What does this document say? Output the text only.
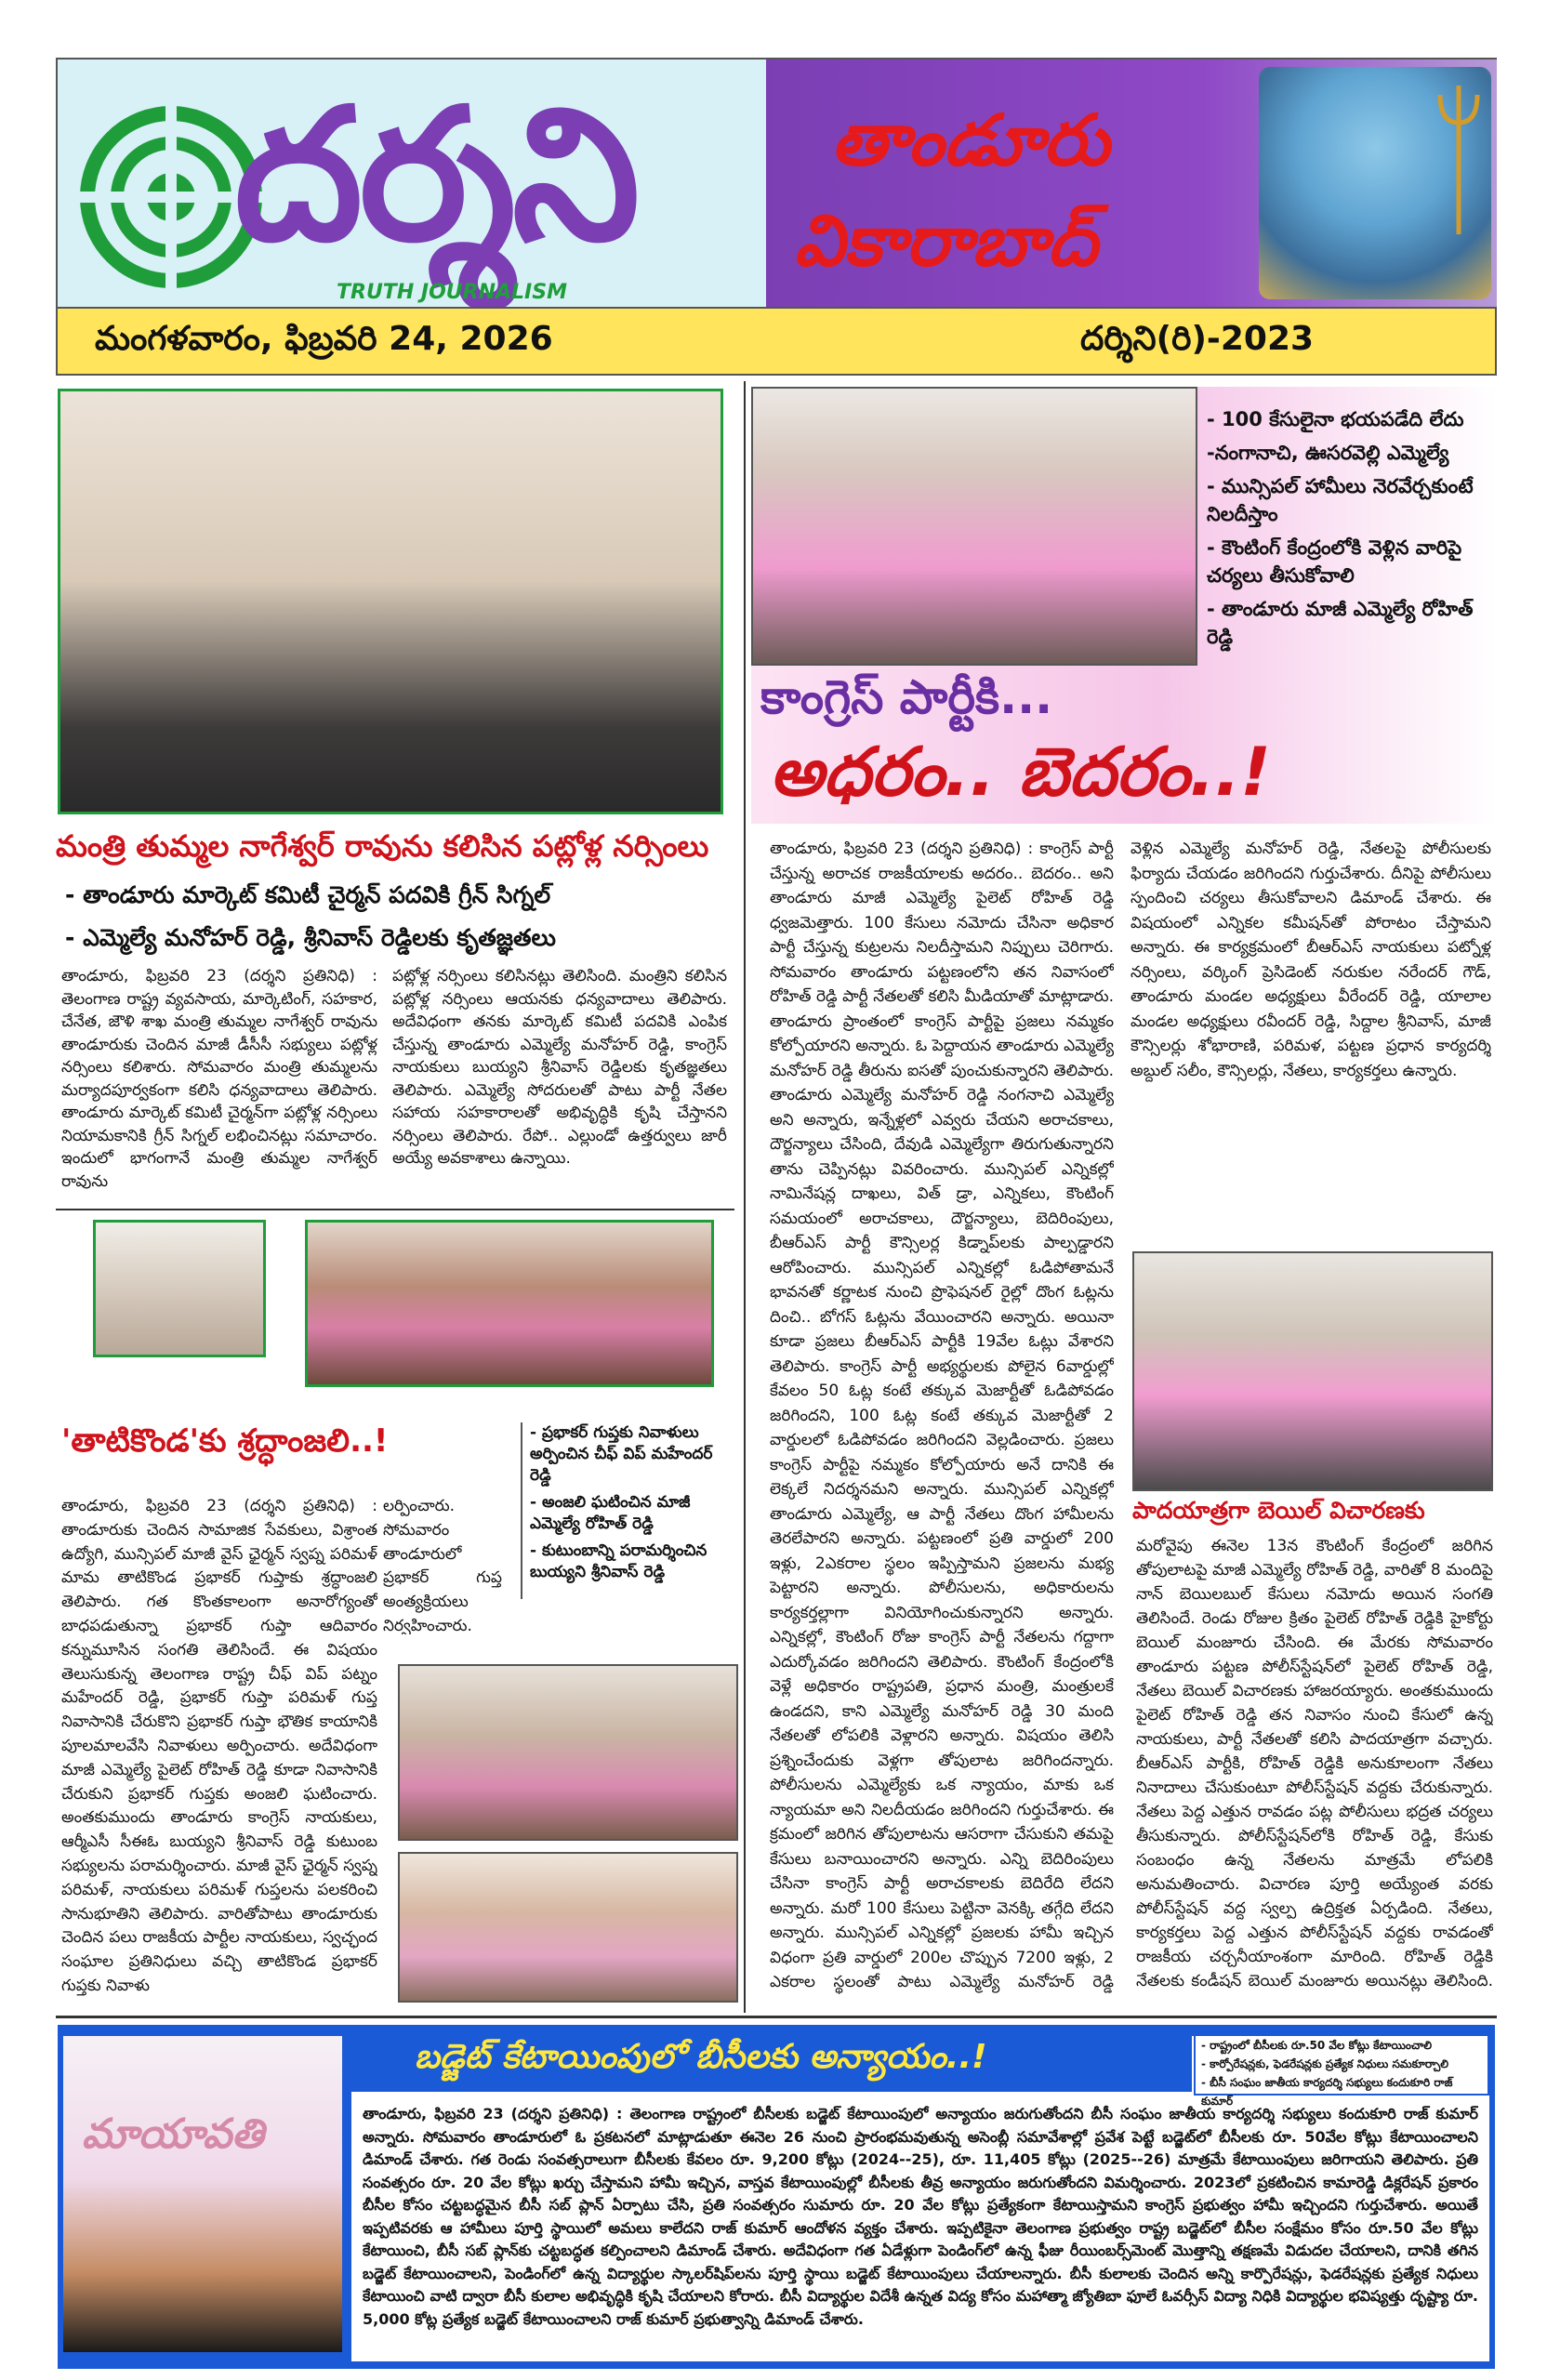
దర్శని
TRUTH JOURNALISM
తాండూరు
వికారాబాద్
మంగళవారం, ఫిబ్రవరి 24, 2026	దర్శిని(రి)-2023
మంత్రి తుమ్మల నాగేశ్వర్ రావును కలిసిన పట్లోళ్ల నర్సింలు
- తాండూరు మార్కెట్ కమిటీ చైర్మన్ పదవికి గ్రీన్ సిగ్నల్
- ఎమ్మెల్యే మనోహర్ రెడ్డి, శ్రీనివాస్ రెడ్డిలకు కృతజ్ఞతలు
తాండూరు, ఫిబ్రవరి 23 (దర్శని ప్రతినిధి) : తెలంగాణ రాష్ట్ర వ్యవసాయ, మార్కెటింగ్, సహకార, చేనేత, జౌళి శాఖ మంత్రి తుమ్మల నాగేశ్వర్ రావును తాండూరుకు చెందిన మాజీ డీసీసీ సభ్యులు పట్లోళ్ల నర్సింలు కలిశారు. సోమవారం మంత్రి తుమ్మలను మర్యాదపూర్వకంగా కలిసి ధన్యవాదాలు తెలిపారు. తాండూరు మార్కెట్ కమిటీ చైర్మన్‌గా పట్లోళ్ల నర్సింలు నియామకానికి గ్రీన్ సిగ్నల్ లభించినట్లు సమాచారం. ఇందులో భాగంగానే మంత్రి తుమ్మల నాగేశ్వర్ రావును
పట్లోళ్ల నర్సింలు కలిసినట్లు తెలిసింది. మంత్రిని కలిసిన పట్లోళ్ల నర్సింలు ఆయనకు ధన్యవాదాలు తెలిపారు. అదేవిధంగా తనకు మార్కెట్ కమిటీ పదవికి ఎంపిక చేస్తున్న తాండూరు ఎమ్మెల్యే మనోహర్ రెడ్డి, కాంగ్రెస్ నాయకులు బుయ్యని శ్రీనివాస్ రెడ్డిలకు కృతజ్ఞతలు తెలిపారు. ఎమ్మెల్యే సోదరులతో పాటు పార్టీ నేతల సహాయ సహకారాలతో అభివృద్ధికి కృషి చేస్తానని నర్సింలు తెలిపారు. రేపో.. ఎల్లుండో ఉత్తర్వులు జారీ అయ్యే అవకాశాలు ఉన్నాయి.
- 100 కేసులైనా భయపడేది లేదు
-నంగానాచి, ఊసరవెల్లి ఎమ్మెల్యే
- మున్సిపల్ హామీలు నెరవేర్చకుంటే నిలదీస్తాం
- కౌంటింగ్ కేంద్రంలోకి వెళ్లిన వారిపై చర్యలు తీసుకోవాలి
- తాండూరు మాజీ ఎమ్మెల్యే రోహిత్ రెడ్డి
కాంగ్రెస్ పార్టీకి...
అధరం.. బెదరం..!
తాండూరు, ఫిబ్రవరి 23 (దర్శని ప్రతినిధి) : కాంగ్రెస్ పార్టీ చేస్తున్న అరాచక రాజకీయాలకు అదరం.. బెదరం.. అని తాండూరు మాజీ ఎమ్మెల్యే పైలెట్ రోహిత్ రెడ్డి ధ్వజమెత్తారు. 100 కేసులు నమోదు చేసినా అధికార పార్టీ చేస్తున్న కుట్రలను నిలదీస్తామని నిప్పులు చెరిగారు. సోమవారం తాండూరు పట్టణంలోని తన నివాసంలో రోహిత్ రెడ్డి పార్టీ నేతలతో కలిసి మీడియాతో మాట్లాడారు. తాండూరు ప్రాంతంలో కాంగ్రెస్ పార్టీపై ప్రజలు నమ్మకం కోల్పోయారని అన్నారు. ఓ పెద్దాయన తాండూరు ఎమ్మెల్యే మనోహర్ రెడ్డి తీరును ఐసతో పుంచుకున్నారని తెలిపారు. తాండూరు ఎమ్మెల్యే మనోహర్ రెడ్డి నంగనాచి ఎమ్మెల్యే అని అన్నారు, ఇన్నేళ్లలో ఎవ్వరు చేయని అరాచకాలు, దౌర్జన్యాలు చేసింది, దేవుడి ఎమ్మెల్యేగా తిరుగుతున్నారని తాను చెప్పినట్లు వివరించారు. మున్సిపల్ ఎన్నికల్లో నామినేషన్ల దాఖలు, విత్ డ్రా, ఎన్నికలు, కౌంటింగ్ సమయంలో అరాచకాలు, దౌర్జన్యాలు, బెదిరింపులు, బీఆర్ఎస్ పార్టీ కౌన్సిలర్ల కిడ్నాప్‌లకు పాల్పడ్డారని ఆరోపించారు. మున్సిపల్ ఎన్నికల్లో ఓడిపోతామనే భావనతో కర్ణాటక నుంచి ప్రొఫెషనల్ రైల్లో దొంగ ఓట్లను దించి.. బోగస్ ఓట్లను వేయించారని అన్నారు. అయినా కూడా ప్రజలు బీఆర్ఎస్ పార్టీకి 19వేల ఓట్లు వేశారని తెలిపారు. కాంగ్రెస్ పార్టీ అభ్యర్థులకు పోలైన 6వార్డుల్లో కేవలం 50 ఓట్ల కంటే తక్కువ మెజార్టీతో ఓడిపోవడం జరిగిందని, 100 ఓట్ల కంటే తక్కువ మెజార్టీతో 2 వార్డులలో ఓడిపోవడం జరిగిందని వెల్లడించారు. ప్రజలు కాంగ్రెస్ పార్టీపై నమ్మకం కోల్పోయారు అనే దానికి ఈ లెక్కలే నిదర్శనమని అన్నారు. మున్సిపల్ ఎన్నికల్లో తాండూరు ఎమ్మెల్యే, ఆ పార్టీ నేతలు దొంగ హామీలను తెరలేపారని అన్నారు. పట్టణంలో ప్రతి వార్డులో 200 ఇళ్లు, 2ఎకరాల స్థలం ఇప్పిస్తామని ప్రజలను మభ్య పెట్టారని అన్నారు. పోలీసులను, అధికారులను కార్యకర్తల్లాగా వినియోగించుకున్నారని అన్నారు. ఎన్నికల్లో, కౌంటింగ్ రోజు కాంగ్రెస్ పార్టీ నేతలను గద్దాగా ఎదుర్కోవడం జరిగిందని తెలిపారు. కౌంటింగ్ కేంద్రంలోకి వెళ్లే అధికారం రాష్ట్రపతి, ప్రధాన మంత్రి, మంత్రులకే ఉండదని, కాని ఎమ్మెల్యే మనోహర్ రెడ్డి 30 మంది నేతలతో లోపలికి వెళ్లారని అన్నారు. విషయం తెలిసి ప్రశ్నించేందుకు వెళ్లగా తోపులాట జరిగిందన్నారు. పోలీసులను ఎమ్మెల్యేకు ఒక న్యాయం, మాకు ఒక న్యాయమా అని నిలదీయడం జరిగిందని గుర్తుచేశారు. ఈ క్రమంలో జరిగిన తోపులాటను ఆసరాగా చేసుకుని తమపై కేసులు బనాయించారని అన్నారు. ఎన్ని బెదిరింపులు చేసినా కాంగ్రెస్ పార్టీ అరాచకాలకు బెదిరేది లేదని అన్నారు. మరో 100 కేసులు పెట్టినా వెనక్కి తగ్గేది లేదని అన్నారు. మున్సిపల్ ఎన్నికల్లో ప్రజలకు హామీ ఇచ్చిన విధంగా ప్రతి వార్డులో 200ల చొప్పున 7200 ఇళ్లు, 2 ఎకరాల స్థలంతో పాటు ఎమ్మెల్యే మనోహర్ రెడ్డి
వెళ్లిన ఎమ్మెల్యే మనోహర్ రెడ్డి, నేతలపై పోలీసులకు ఫిర్యాదు చేయడం జరిగిందని గుర్తుచేశారు. దీనిపై పోలీసులు స్పందించి చర్యలు తీసుకోవాలని డిమాండ్ చేశారు. ఈ విషయంలో ఎన్నికల కమీషన్‌తో పోరాటం చేస్తామని అన్నారు. ఈ కార్యక్రమంలో బీఆర్ఎస్ నాయకులు పట్నోళ్ల నర్సింలు, వర్కింగ్ ప్రెసిడెంట్ నరుకుల నరేందర్ గౌడ్, తాండూరు మండల అధ్యక్షులు వీరేందర్ రెడ్డి, యాలాల మండల అధ్యక్షులు రవీందర్ రెడ్డి, సిద్దాల శ్రీనివాస్, మాజీ కౌన్సిలర్లు శోభారాణి, పరిమళ, పట్టణ ప్రధాన కార్యదర్శి అబ్దుల్ సలీం, కౌన్సిలర్లు, నేతలు, కార్యకర్తలు ఉన్నారు.
పాదయాత్రగా బెయిల్ విచారణకు
మరోవైపు ఈనెల 13న కౌంటింగ్ కేంద్రంలో జరిగిన తోపులాటపై మాజీ ఎమ్మెల్యే రోహిత్ రెడ్డి, వారితో 8 మందిపై నాన్ బెయిలబుల్ కేసులు నమోదు అయిన సంగతి తెలిసిందే. రెండు రోజుల క్రితం పైలెట్ రోహిత్ రెడ్డికి హైకోర్టు బెయిల్ మంజూరు చేసింది. ఈ మేరకు సోమవారం తాండూరు పట్టణ పోలీస్‌స్టేషన్‌లో పైలెట్ రోహిత్ రెడ్డి, నేతలు బెయిల్ విచారణకు హాజరయ్యారు. అంతకుముందు పైలెట్ రోహిత్ రెడ్డి తన నివాసం నుంచి కేసులో ఉన్న నాయకులు, పార్టీ నేతలతో కలిసి పాదయాత్రగా వచ్చారు. బీఆర్ఎస్ పార్టీకి, రోహిత్ రెడ్డికి అనుకూలంగా నేతలు నినాదాలు చేసుకుంటూ పోలీస్‌స్టేషన్ వద్దకు చేరుకున్నారు. నేతలు పెద్ద ఎత్తున రావడం పట్ల పోలీసులు భద్రత చర్యలు తీసుకున్నారు. పోలీస్‌స్టేషన్‌లోకి రోహిత్ రెడ్డి, కేసుకు సంబంధం ఉన్న నేతలను మాత్రమే లోపలికి అనుమతించారు. విచారణ పూర్తి అయ్యేంత వరకు పోలీస్‌స్టేషన్ వద్ద స్వల్ప ఉద్రిక్తత ఏర్పడింది. నేతలు, కార్యకర్తలు పెద్ద ఎత్తున పోలీస్‌స్టేషన్ వద్దకు రావడంతో రాజకీయ చర్చనీయాంశంగా మారింది. రోహిత్ రెడ్డికి నేతలకు కండీషన్ బెయిల్ మంజూరు అయినట్లు తెలిసింది.
'తాటికొండ'కు శ్రద్ధాంజలి..!	- ప్రభాకర్ గుప్తకు నివాళులు అర్పించిన చీఫ్ విప్ మహేందర్ రెడ్డి
- అంజలి ఘటించిన మాజీ ఎమ్మెల్యే రోహిత్ రెడ్డి
- కుటుంబాన్ని పరామర్శించిన బుయ్యని శ్రీనివాస్ రెడ్డి
తాండూరు, ఫిబ్రవరి 23 (దర్శని ప్రతినిధి) : తాండూరుకు చెందిన సామాజిక సేవకులు, విశ్రాంత ఉద్యోగి, మున్సిపల్ మాజీ వైస్ ఛైర్మన్ స్వప్న పరిమళ్ మామ తాటికొండ ప్రభాకర్ గుప్తాకు శ్రద్ధాంజలి తెలిపారు. గత కొంతకాలంగా అనారోగ్యంతో బాధపడుతున్నా ప్రభాకర్ గుప్తా ఆదివారం కన్నుమూసిన సంగతి తెలిసిందే. ఈ విషయం తెలుసుకున్న తెలంగాణ రాష్ట్ర చీఫ్ విప్ పట్నం మహేందర్ రెడ్డి, ప్రభాకర్ గుప్తా పరిమళ్ గుప్త నివాసానికి చేరుకొని ప్రభాకర్ గుప్తా భౌతిక కాయానికి పూలమాలవేసి నివాళులు అర్పించారు. అదేవిధంగా మాజీ ఎమ్మెల్యే పైలెట్ రోహిత్ రెడ్డి కూడా నివాసానికి చేరుకుని ప్రభాకర్ గుప్తకు అంజలి ఘటించారు. అంతకుముందు తాండూరు కాంగ్రెస్ నాయకులు, ఆర్మీఎసీ సీఈఓ బుయ్యని శ్రీనివాస్ రెడ్డి కుటుంబ సభ్యులను పరామర్శించారు. మాజీ వైస్ ఛైర్మన్ స్వప్న పరిమళ్, నాయకులు పరిమళ్ గుప్తలను పలకరించి సానుభూతిని తెలిపారు. వారితోపాటు తాండూరుకు చెందిన పలు రాజకీయ పార్టీల నాయకులు, స్వచ్ఛంద సంఘాల ప్రతినిధులు వచ్చి తాటికొండ ప్రభాకర్ గుప్తకు నివాళు
లర్పించారు. సోమవారం తాండూరులో ప్రభాకర్ గుప్త అంత్యక్రియలు నిర్వహించారు.
మాయావతి
బడ్జెట్ కేటాయింపులో బీసీలకు అన్యాయం..!	- రాష్ట్రంలో బీసీలకు రూ.50 వేల కోట్లు కేటాయించాలి
- కార్పోరేషన్లకు, ఫెడరేషన్లకు ప్రత్యేక నిధులు సమకూర్చాలి
- బీసీ సంఘం జాతీయ కార్యదర్శి సభ్యులు కందుకూరి రాజ్ కుమార్
తాండూరు, ఫిబ్రవరి 23 (దర్శని ప్రతినిధి) : తెలంగాణ రాష్ట్రంలో బీసీలకు బడ్జెట్ కేటాయింపులో అన్యాయం జరుగుతోందని బీసీ సంఘం జాతీయ కార్యదర్శి సభ్యులు కందుకూరి రాజ్ కుమార్ అన్నారు. సోమవారం తాండూరులో ఓ ప్రకటనలో మాట్లాడుతూ ఈనెల 26 నుంచి ప్రారంభమవుతున్న అసెంబ్లీ సమావేశాల్లో ప్రవేశ పెట్టే బడ్జెట్‌లో బీసీలకు రూ. 50వేల కోట్లు కేటాయించాలని డిమాండ్ చేశారు. గత రెండు సంవత్సరాలుగా బీసీలకు కేవలం రూ. 9,200 కోట్లు (2024--25), రూ. 11,405 కోట్లు (2025--26) మాత్రమే కేటాయింపులు జరిగాయని తెలిపారు. ప్రతి సంవత్సరం రూ. 20 వేల కోట్లు ఖర్చు చేస్తామని హామీ ఇచ్చిన, వాస్తవ కేటాయింపుల్లో బీసీలకు తీవ్ర అన్యాయం జరుగుతోందని విమర్శించారు. 2023లో ప్రకటించిన కామారెడ్డి డిక్లరేషన్ ప్రకారం బీసీల కోసం చట్టబద్ధమైన బీసీ సబ్ ప్లాన్ ఏర్పాటు చేసి, ప్రతి సంవత్సరం సుమారు రూ. 20 వేల కోట్లు ప్రత్యేకంగా కేటాయిస్తామని కాంగ్రెస్ ప్రభుత్వం హామీ ఇచ్చిందని గుర్తుచేశారు. అయితే ఇప్పటివరకు ఆ హామీలు పూర్తి స్థాయిలో అమలు కాలేదని రాజ్ కుమార్ ఆందోళన వ్యక్తం చేశారు. ఇప్పటికైనా తెలంగాణ ప్రభుత్వం రాష్ట్ర బడ్జెట్‌లో బీసీల సంక్షేమం కోసం రూ.50 వేల కోట్లు కేటాయించి, బీసీ సబ్ ప్లాన్‌కు చట్టబద్ధత కల్పించాలని డిమాండ్ చేశారు. అదేవిధంగా గత ఏడేళ్లుగా పెండింగ్‌లో ఉన్న ఫీజు రీయింబర్స్‌మెంట్ మొత్తాన్ని తక్షణమే విడుదల చేయాలని, దానికి తగిన బడ్జెట్ కేటాయించాలని, పెండింగ్‌లో ఉన్న విద్యార్థుల స్కాలర్‌షిప్‌లను పూర్తి స్థాయి బడ్జెట్ కేటాయింపులు చేయాలన్నారు. బీసీ కులాలకు చెందిన అన్ని కార్పొరేషన్లు, ఫెడరేషన్లకు ప్రత్యేక నిధులు కేటాయించి వాటి ద్వారా బీసీ కులాల అభివృద్ధికి కృషి చేయాలని కోరారు. బీసీ విద్యార్థుల విదేశీ ఉన్నత విద్య కోసం మహాత్మా జ్యోతిబా ఫూలే ఓవర్సీస్ విద్యా నిధికి విద్యార్థుల భవిష్యత్తు దృష్ట్యా రూ. 5,000 కోట్ల ప్రత్యేక బడ్జెట్ కేటాయించాలని రాజ్ కుమార్ ప్రభుత్వాన్ని డిమాండ్ చేశారు.
